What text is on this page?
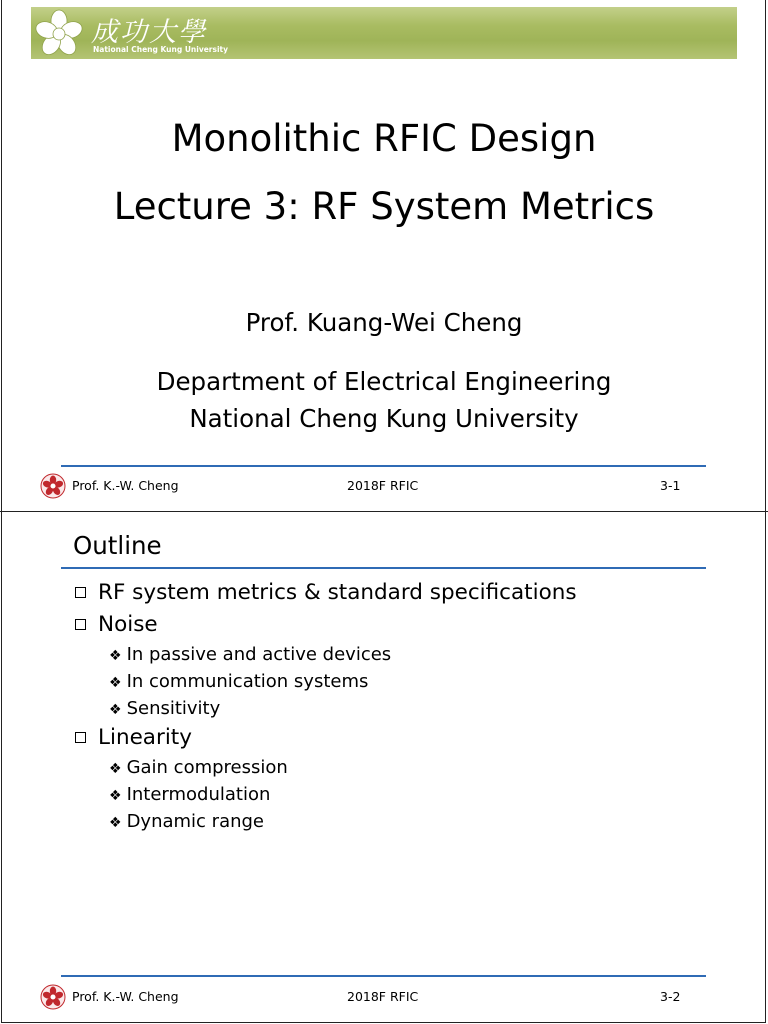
成功大學
National Cheng Kung University
Monolithic RFIC Design
Lecture 3: RF System Metrics
Prof. Kuang-Wei Cheng
Department of Electrical Engineering
National Cheng Kung University
Prof. K.-W. Cheng	2018F RFIC	3-1
Outline
RF system metrics & standard specifications
Noise
❖ In passive and active devices
❖ In communication systems
❖ Sensitivity
Linearity
❖ Gain compression
❖ Intermodulation
❖ Dynamic range
Prof. K.-W. Cheng	2018F RFIC	3-2
